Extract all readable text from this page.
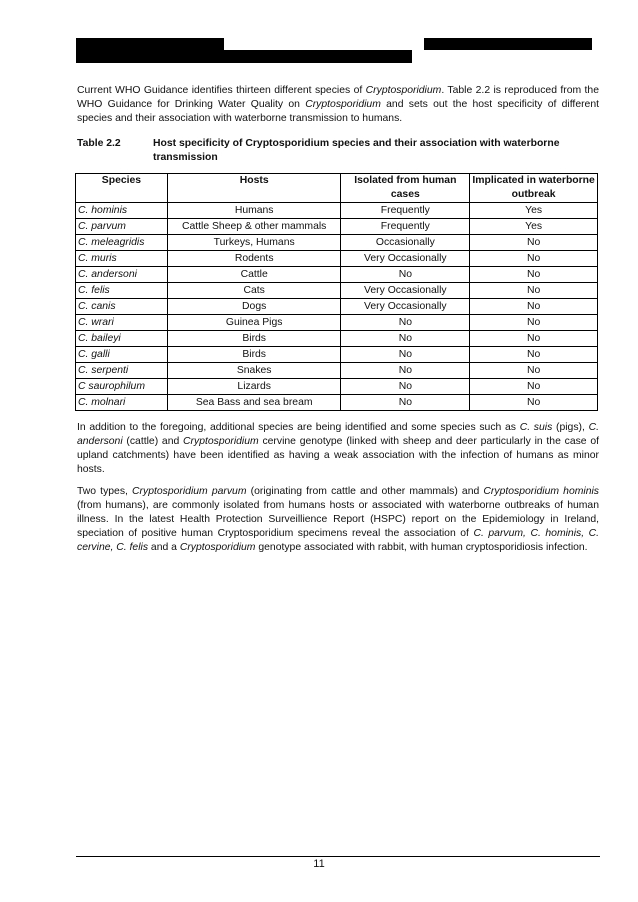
Current WHO Guidance identifies thirteen different species of Cryptosporidium. Table 2.2 is reproduced from the WHO Guidance for Drinking Water Quality on Cryptosporidium and sets out the host specificity of different species and their association with waterborne transmission to humans.

Table 2.2	Host specificity of Cryptosporidium species and their association with waterborne transmission
Species	Hosts	Isolated from human cases	Implicated in waterborne outbreak
C. hominis	Humans	Frequently	Yes
C. parvum	Cattle Sheep & other mammals	Frequently	Yes
C. meleagridis	Turkeys, Humans	Occasionally	No
C. muris	Rodents	Very Occasionally	No
C. andersoni	Cattle	No	No
C. felis	Cats	Very Occasionally	No
C. canis	Dogs	Very Occasionally	No
C. wrari	Guinea Pigs	No	No
C. baileyi	Birds	No	No
C. galli	Birds	No	No
C. serpenti	Snakes	No	No
C saurophilum	Lizards	No	No
C. molnari	Sea Bass and sea bream	No	No

In addition to the foregoing, additional species are being identified and some species such as C. suis (pigs), C. andersoni (cattle) and Cryptosporidium cervine genotype (linked with sheep and deer particularly in the case of upland catchments) have been identified as having a weak association with the infection of humans as minor hosts.

Two types, Cryptosporidium parvum (originating from cattle and other mammals) and Cryptosporidium hominis (from humans), are commonly isolated from humans hosts or associated with waterborne outbreaks of human illness. In the latest Health Protection Surveillience Report (HSPC) report on the Epidemiology in Ireland, speciation of positive human Cryptosporidium specimens reveal the association of C. parvum, C. hominis, C. cervine, C. felis and a Cryptosporidium genotype associated with rabbit, with human cryptosporidiosis infection.

11
